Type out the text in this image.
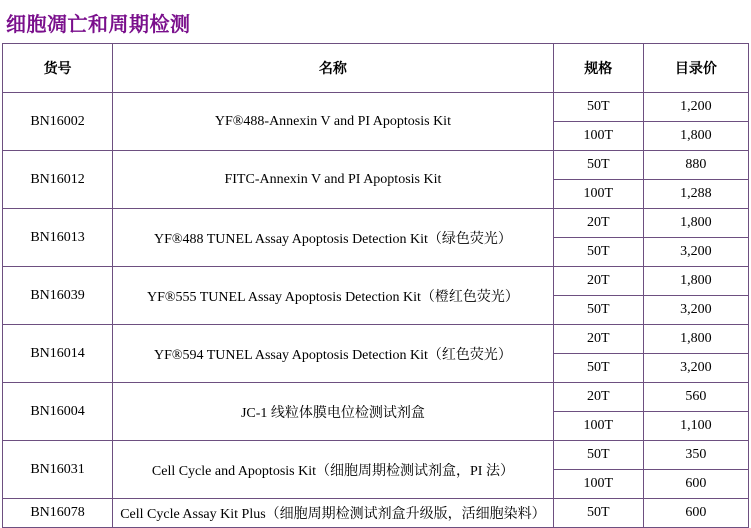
细胞凋亡和周期检测
货号	名称	规格	目录价
BN16002	YF®488-Annexin V and PI Apoptosis Kit	50T	1,200
		100T	1,800
BN16012	FITC-Annexin V and PI Apoptosis Kit	50T	880
		100T	1,288
BN16013	YF®488 TUNEL Assay Apoptosis Detection Kit（绿色荧光）	20T	1,800
		50T	3,200
BN16039	YF®555 TUNEL Assay Apoptosis Detection Kit（橙红色荧光）	20T	1,800
		50T	3,200
BN16014	YF®594 TUNEL Assay Apoptosis Detection Kit（红色荧光）	20T	1,800
		50T	3,200
BN16004	JC-1 线粒体膜电位检测试剂盒	20T	560
		100T	1,100
BN16031	Cell Cycle and Apoptosis Kit（细胞周期检测试剂盒，PI 法）	50T	350
		100T	600
BN16078	Cell Cycle Assay Kit Plus（细胞周期检测试剂盒升级版，活细胞染料）	50T	600
